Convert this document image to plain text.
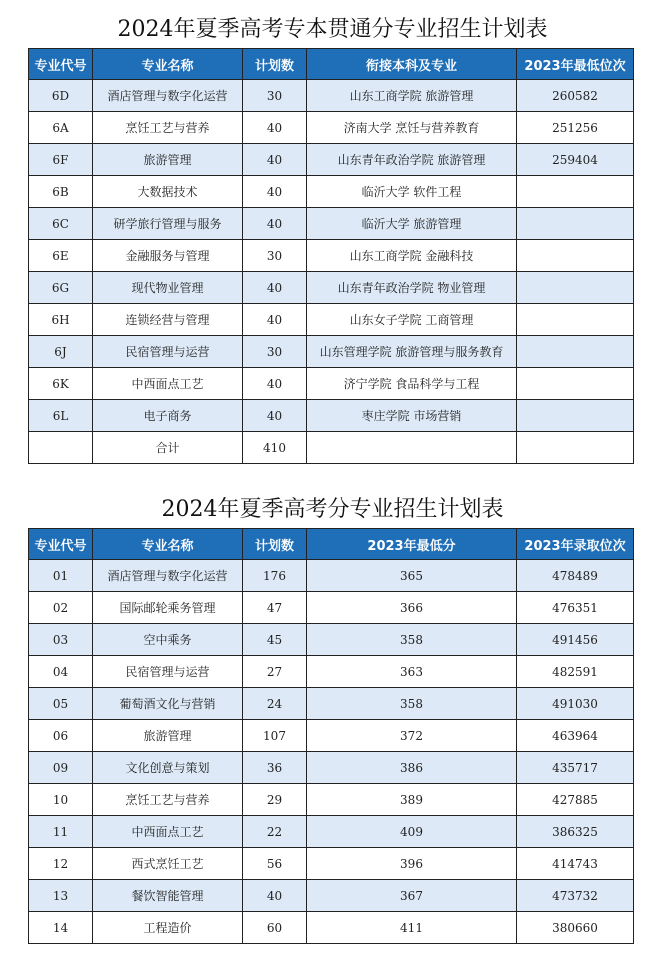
2024年夏季高考专本贯通分专业招生计划表
专业代号	专业名称	计划数	衔接本科及专业	2023年最低位次
6D	酒店管理与数字化运营	30	山东工商学院 旅游管理	260582
6A	烹饪工艺与营养	40	济南大学 烹饪与营养教育	251256
6F	旅游管理	40	山东青年政治学院 旅游管理	259404
6B	大数据技术	40	临沂大学 软件工程	
6C	研学旅行管理与服务	40	临沂大学 旅游管理	
6E	金融服务与管理	30	山东工商学院 金融科技	
6G	现代物业管理	40	山东青年政治学院 物业管理	
6H	连锁经营与管理	40	山东女子学院 工商管理	
6J	民宿管理与运营	30	山东管理学院 旅游管理与服务教育	
6K	中西面点工艺	40	济宁学院 食品科学与工程	
6L	电子商务	40	枣庄学院 市场营销	
	合计	410		
2024年夏季高考分专业招生计划表
专业代号	专业名称	计划数	2023年最低分	2023年录取位次
01	酒店管理与数字化运营	176	365	478489
02	国际邮轮乘务管理	47	366	476351
03	空中乘务	45	358	491456
04	民宿管理与运营	27	363	482591
05	葡萄酒文化与营销	24	358	491030
06	旅游管理	107	372	463964
09	文化创意与策划	36	386	435717
10	烹饪工艺与营养	29	389	427885
11	中西面点工艺	22	409	386325
12	西式烹饪工艺	56	396	414743
13	餐饮智能管理	40	367	473732
14	工程造价	60	411	380660
